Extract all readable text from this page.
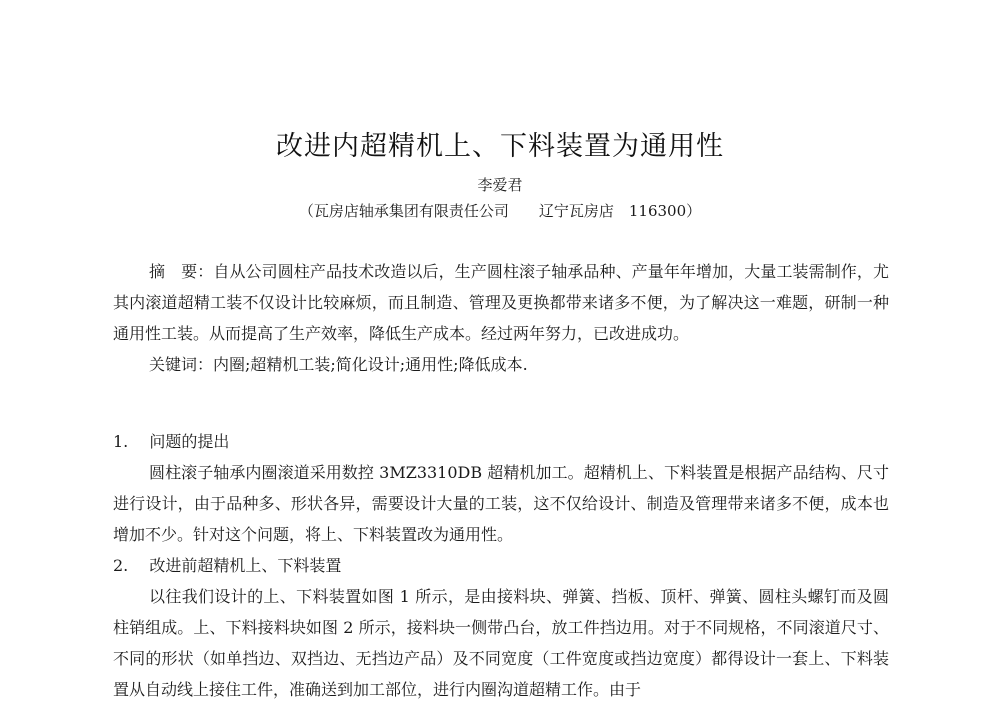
改进内超精机上、下料装置为通用性
李爱君
（瓦房店轴承集团有限责任公司　　辽宁瓦房店　116300）

摘　要：自从公司圆柱产品技术改造以后，生产圆柱滚子轴承品种、产量年年增加，大量工装需制作，尤其内滚道超精工装不仅设计比较麻烦，而且制造、管理及更换都带来诸多不便，为了解决这一难题，研制一种通用性工装。从而提高了生产效率，降低生产成本。经过两年努力，已改进成功。

关键词：内圈;超精机工装;简化设计;通用性;降低成本.

1.　 问题的提出

圆柱滚子轴承内圈滚道采用数控 3MZ3310DB 超精机加工。超精机上、下料装置是根据产品结构、尺寸进行设计，由于品种多、形状各异，需要设计大量的工装，这不仅给设计、制造及管理带来诸多不便，成本也增加不少。针对这个问题，将上、下料装置改为通用性。

2.　 改进前超精机上、下料装置

以往我们设计的上、下料装置如图 1 所示，是由接料块、弹簧、挡板、顶杆、弹簧、圆柱头螺钉而及圆柱销组成。上、下料接料块如图 2 所示，接料块一侧带凸台，放工件挡边用。对于不同规格，不同滚道尺寸、不同的形状（如单挡边、双挡边、无挡边产品）及不同宽度（工件宽度或挡边宽度）都得设计一套上、下料装置从自动线上接住工件，准确送到加工部位，进行内圈沟道超精工作。由于
